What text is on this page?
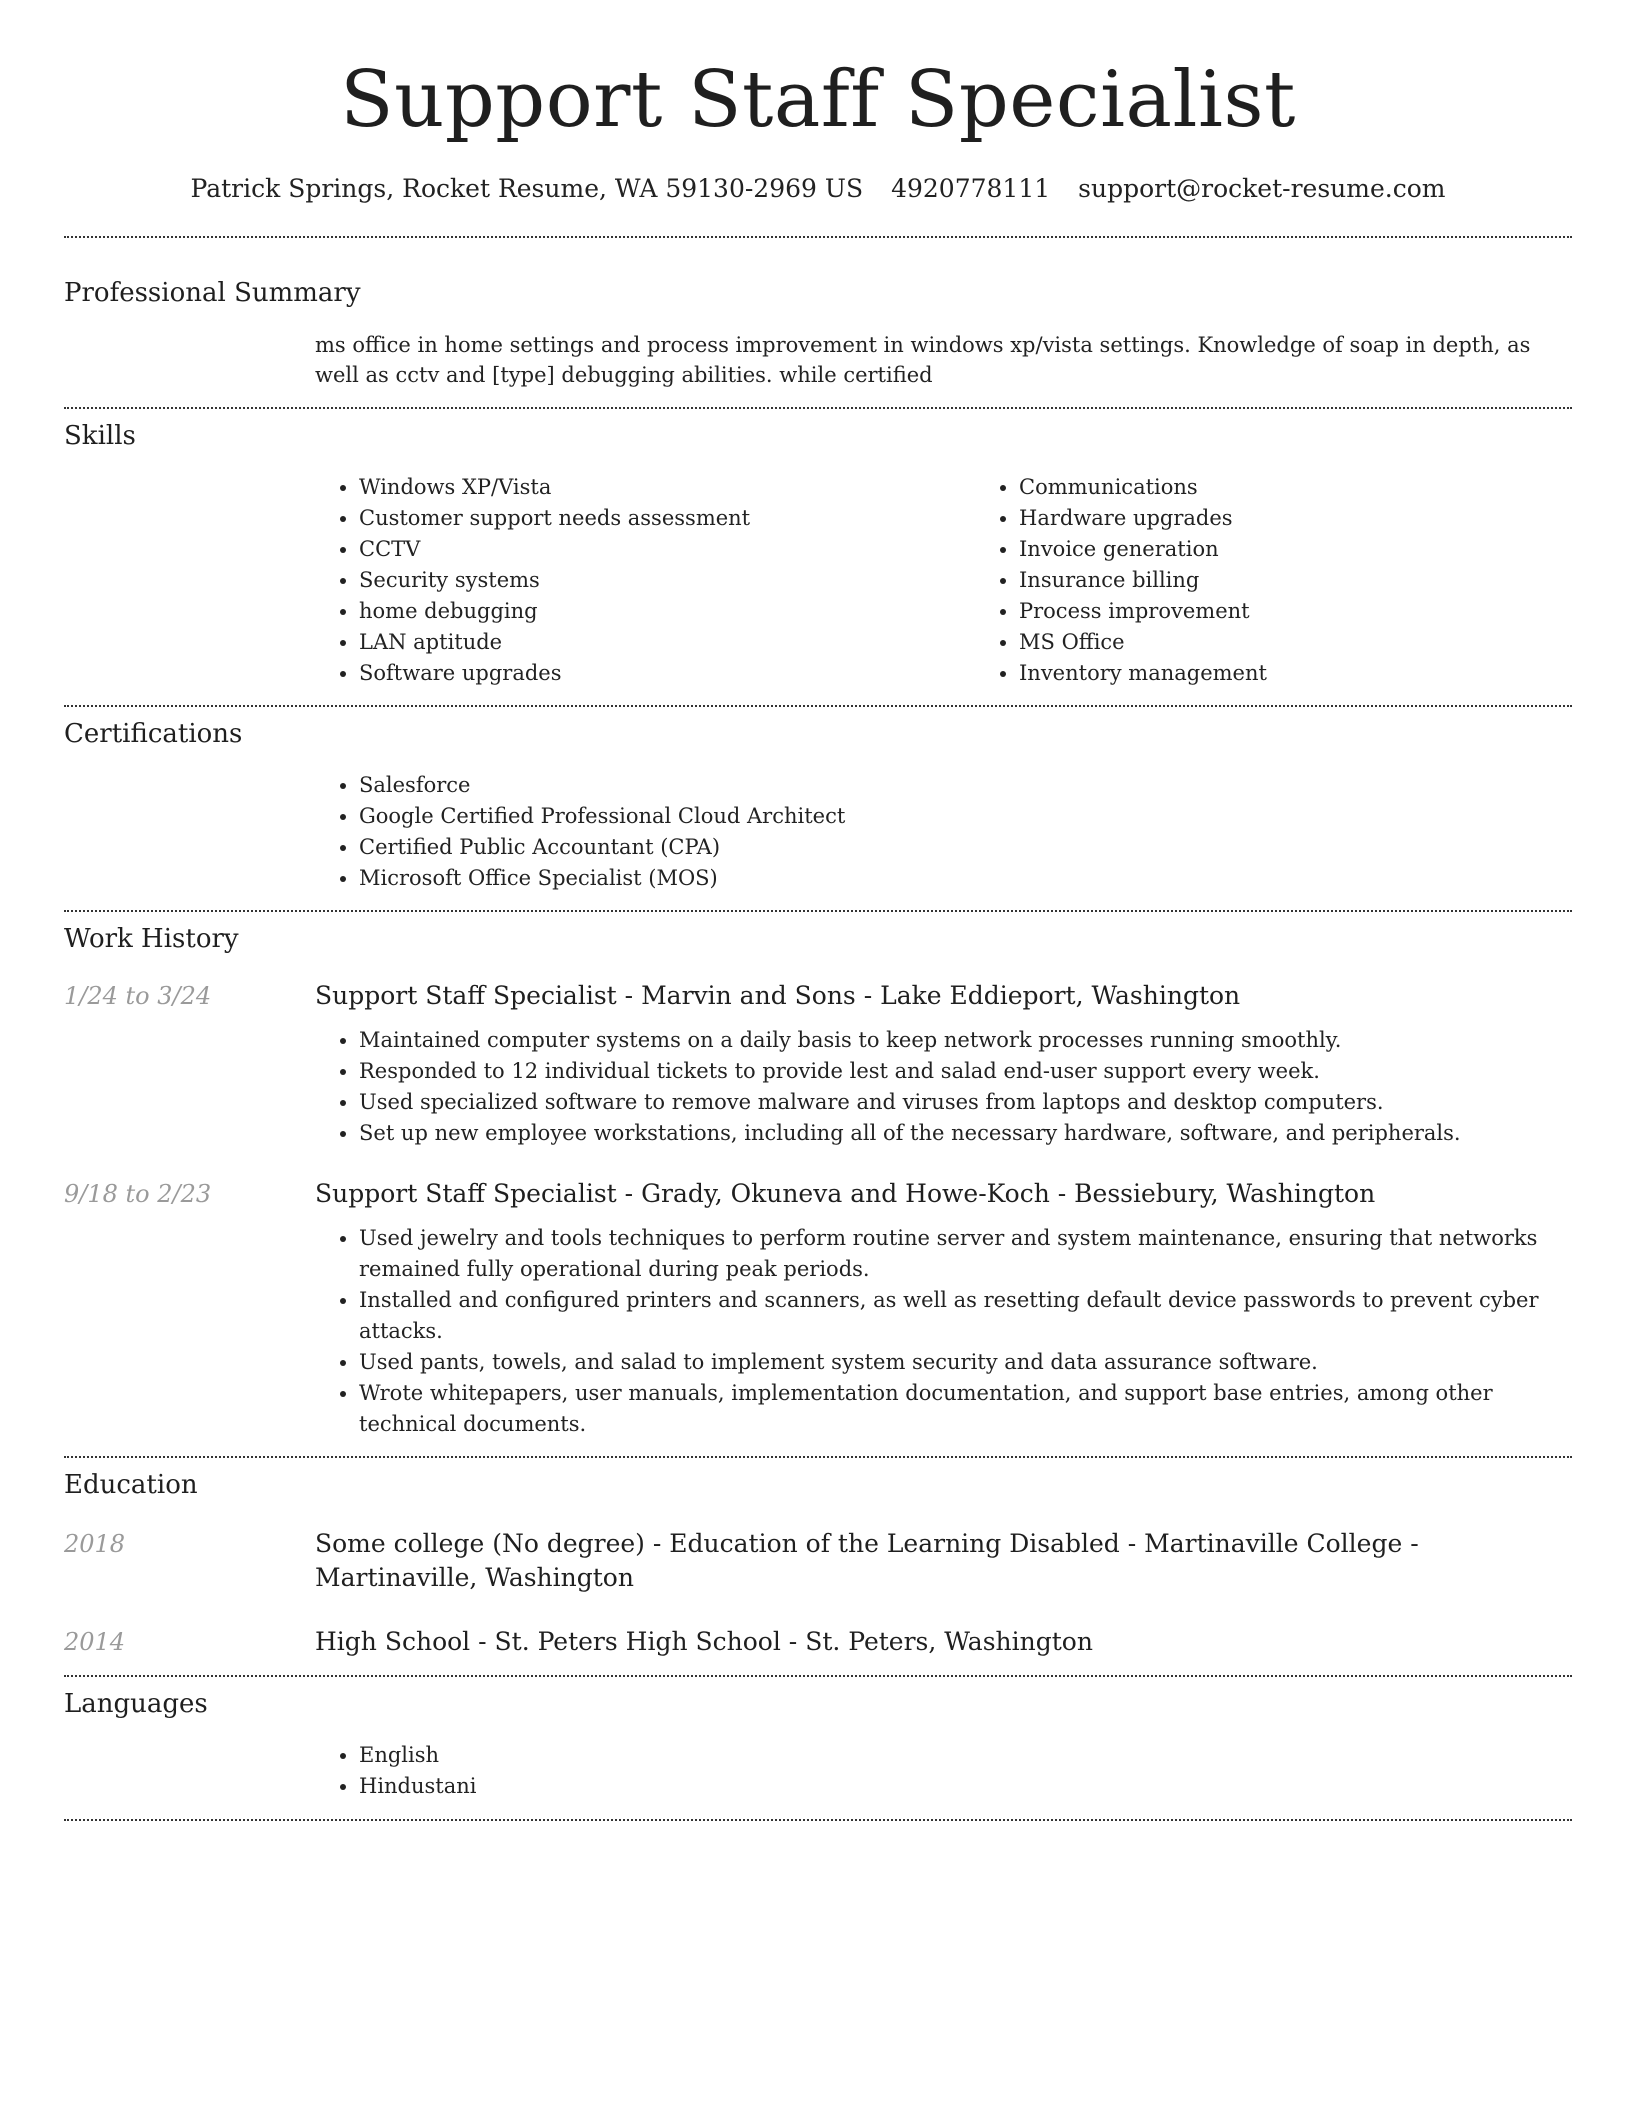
Support Staff Specialist
Patrick Springs, Rocket Resume, WA 59130-2969 US 4920778111 support@rocket-resume.com
Professional Summary
ms office in home settings and process improvement in windows xp/vista settings. Knowledge of soap in depth, as well as cctv and [type] debugging abilities. while certified
Skills
• Windows XP/Vista
• Customer support needs assessment
• CCTV
• Security systems
• home debugging
• LAN aptitude
• Software upgrades
• Communications
• Hardware upgrades
• Invoice generation
• Insurance billing
• Process improvement
• MS Office
• Inventory management
Certifications
• Salesforce
• Google Certified Professional Cloud Architect
• Certified Public Accountant (CPA)
• Microsoft Office Specialist (MOS)
Work History
1/24 to 3/24	Support Staff Specialist - Marvin and Sons - Lake Eddieport, Washington
• Maintained computer systems on a daily basis to keep network processes running smoothly.
• Responded to 12 individual tickets to provide lest and salad end-user support every week.
• Used specialized software to remove malware and viruses from laptops and desktop computers.
• Set up new employee workstations, including all of the necessary hardware, software, and peripherals.
9/18 to 2/23	Support Staff Specialist - Grady, Okuneva and Howe-Koch - Bessiebury, Washington
• Used jewelry and tools techniques to perform routine server and system maintenance, ensuring that networks remained fully operational during peak periods.
• Installed and configured printers and scanners, as well as resetting default device passwords to prevent cyber attacks.
• Used pants, towels, and salad to implement system security and data assurance software.
• Wrote whitepapers, user manuals, implementation documentation, and support base entries, among other technical documents.
Education
2018	Some college (No degree) - Education of the Learning Disabled - Martinaville College - Martinaville, Washington
2014	High School - St. Peters High School - St. Peters, Washington
Languages
• English
• Hindustani
